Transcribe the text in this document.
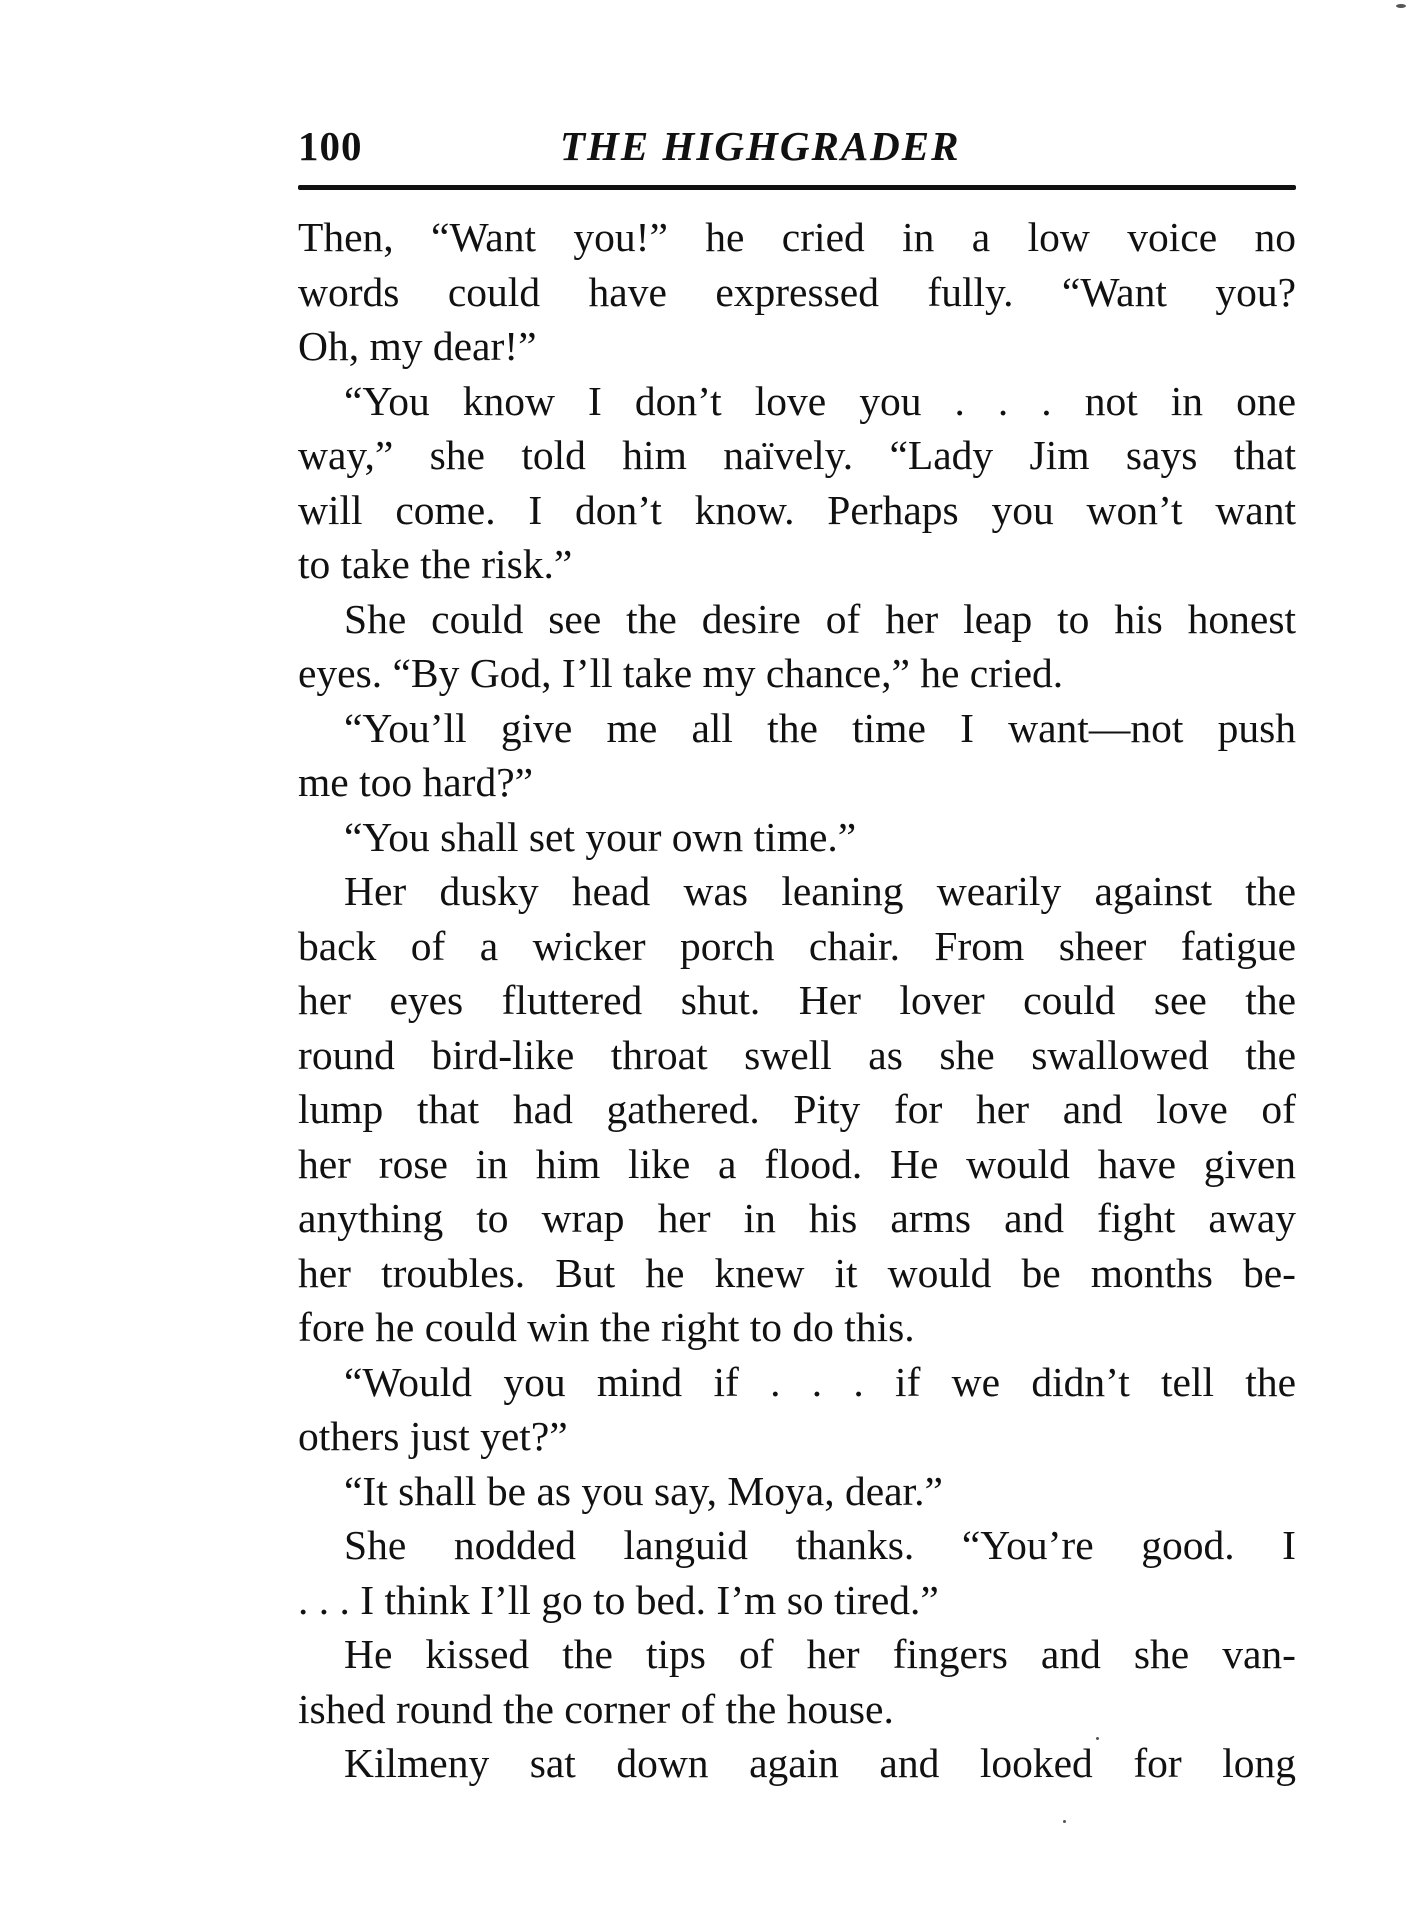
100	THE HIGHGRADER
Then, “Want you!” he cried in a low voice no
words could have expressed fully. “Want you?
Oh, my dear!”
“You know I don’t love you . . . not in one
way,” she told him naïvely. “Lady Jim says that
will come. I don’t know. Perhaps you won’t want
to take the risk.”
She could see the desire of her leap to his honest
eyes. “By God, I’ll take my chance,” he cried.
“You’ll give me all the time I want—not push
me too hard?”
“You shall set your own time.”
Her dusky head was leaning wearily against the
back of a wicker porch chair. From sheer fatigue
her eyes fluttered shut. Her lover could see the
round bird-like throat swell as she swallowed the
lump that had gathered. Pity for her and love of
her rose in him like a flood. He would have given
anything to wrap her in his arms and fight away
her troubles. But he knew it would be months be-
fore he could win the right to do this.
“Would you mind if . . . if we didn’t tell the
others just yet?”
“It shall be as you say, Moya, dear.”
She nodded languid thanks. “You’re good. I
. . . I think I’ll go to bed. I’m so tired.”
He kissed the tips of her fingers and she van-
ished round the corner of the house.
Kilmeny sat down again and looked for long
